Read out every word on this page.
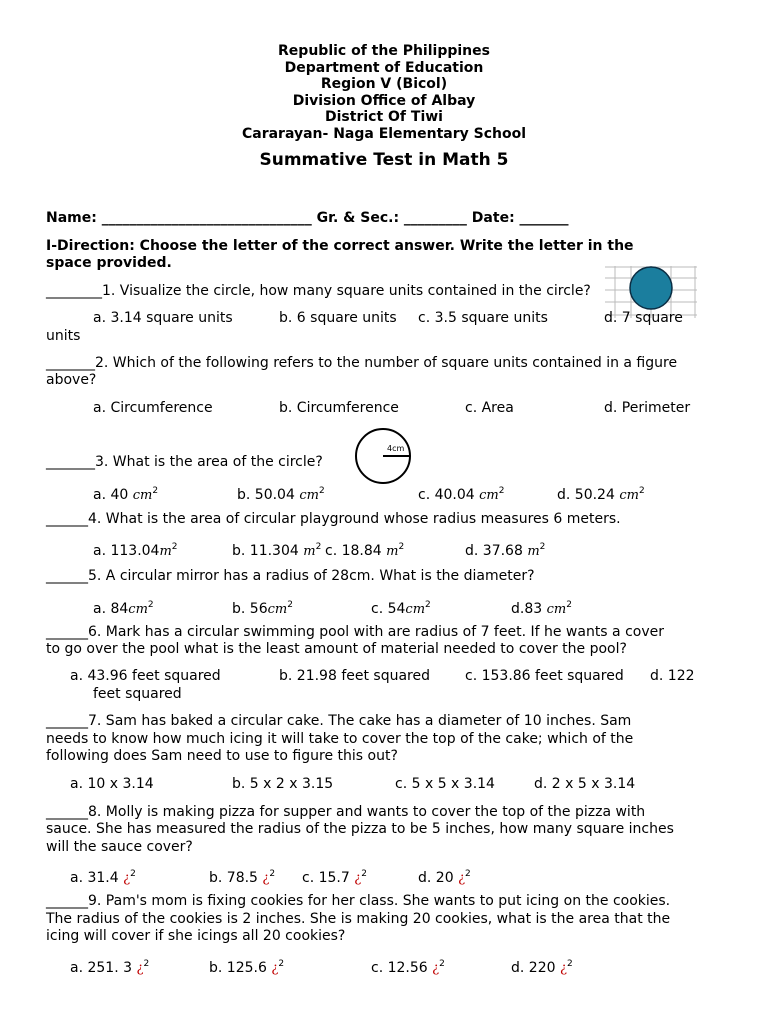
Republic of the Philippines
Department of Education
Region V (Bicol)
Division Office of Albay
District Of Tiwi
Cararayan- Naga Elementary School
Summative Test in Math 5
Name: ______________________________ Gr. & Sec.: _________ Date: _______
I-Direction: Choose the letter of the correct answer. Write the letter in the
space provided.
________1. Visualize the circle, how many square units contained in the circle?
a. 3.14 square units	b. 6 square units c. 3.5 square units	d. 7 square
units
_______2. Which of the following refers to the number of square units contained in a figure
above?
a. Circumference	b. Circumference	c. Area	d. Perimeter
4cm
_______3. What is the area of the circle?
a. 40 $cm^2$	b. 50.04 $cm^2$	c. 40.04 $cm^2$	d. 50.24 $cm^2$
______4. What is the area of circular playground whose radius measures 6 meters.
a. $113.04m^2$	b. 11.304 $m^2$ c. 18.84 $m^2$	d. 37.68 $m^2$
______5. A circular mirror has a radius of 28cm. What is the diameter?
a. $84cm^2$	b. $56cm^2$	c. $54cm^2$	d.83 $cm^2$
______6. Mark has a circular swimming pool with are radius of 7 feet. If he wants a cover
to go over the pool what is the least amount of material needed to cover the pool?
a. 43.96 feet squared	b. 21.98 feet squared	c. 153.86 feet squared d. 122
feet squared
______7. Sam has baked a circular cake. The cake has a diameter of 10 inches. Sam
needs to know how much icing it will take to cover the top of the cake; which of the
following does Sam need to use to figure this out?
a. 10 x 3.14	b. 5 x 2 x 3.15	c. 5 x 5 x 3.14	d. 2 x 5 x 3.14
______8. Molly is making pizza for supper and wants to cover the top of the pizza with
sauce. She has measured the radius of the pizza to be 5 inches, how many square inches
will the sauce cover?
a. 31.4 ¿$^2$	b. 78.5 ¿$^2$ c. 15.7 ¿$^2$	d. 20 ¿$^2$
______9. Pam's mom is fixing cookies for her class. She wants to put icing on the cookies.
The radius of the cookies is 2 inches. She is making 20 cookies, what is the area that the
icing will cover if she icings all 20 cookies?
a. 251. 3 ¿$^2$	b. 125.6 ¿$^2$	c. 12.56 ¿$^2$	d. 220 ¿$^2$
